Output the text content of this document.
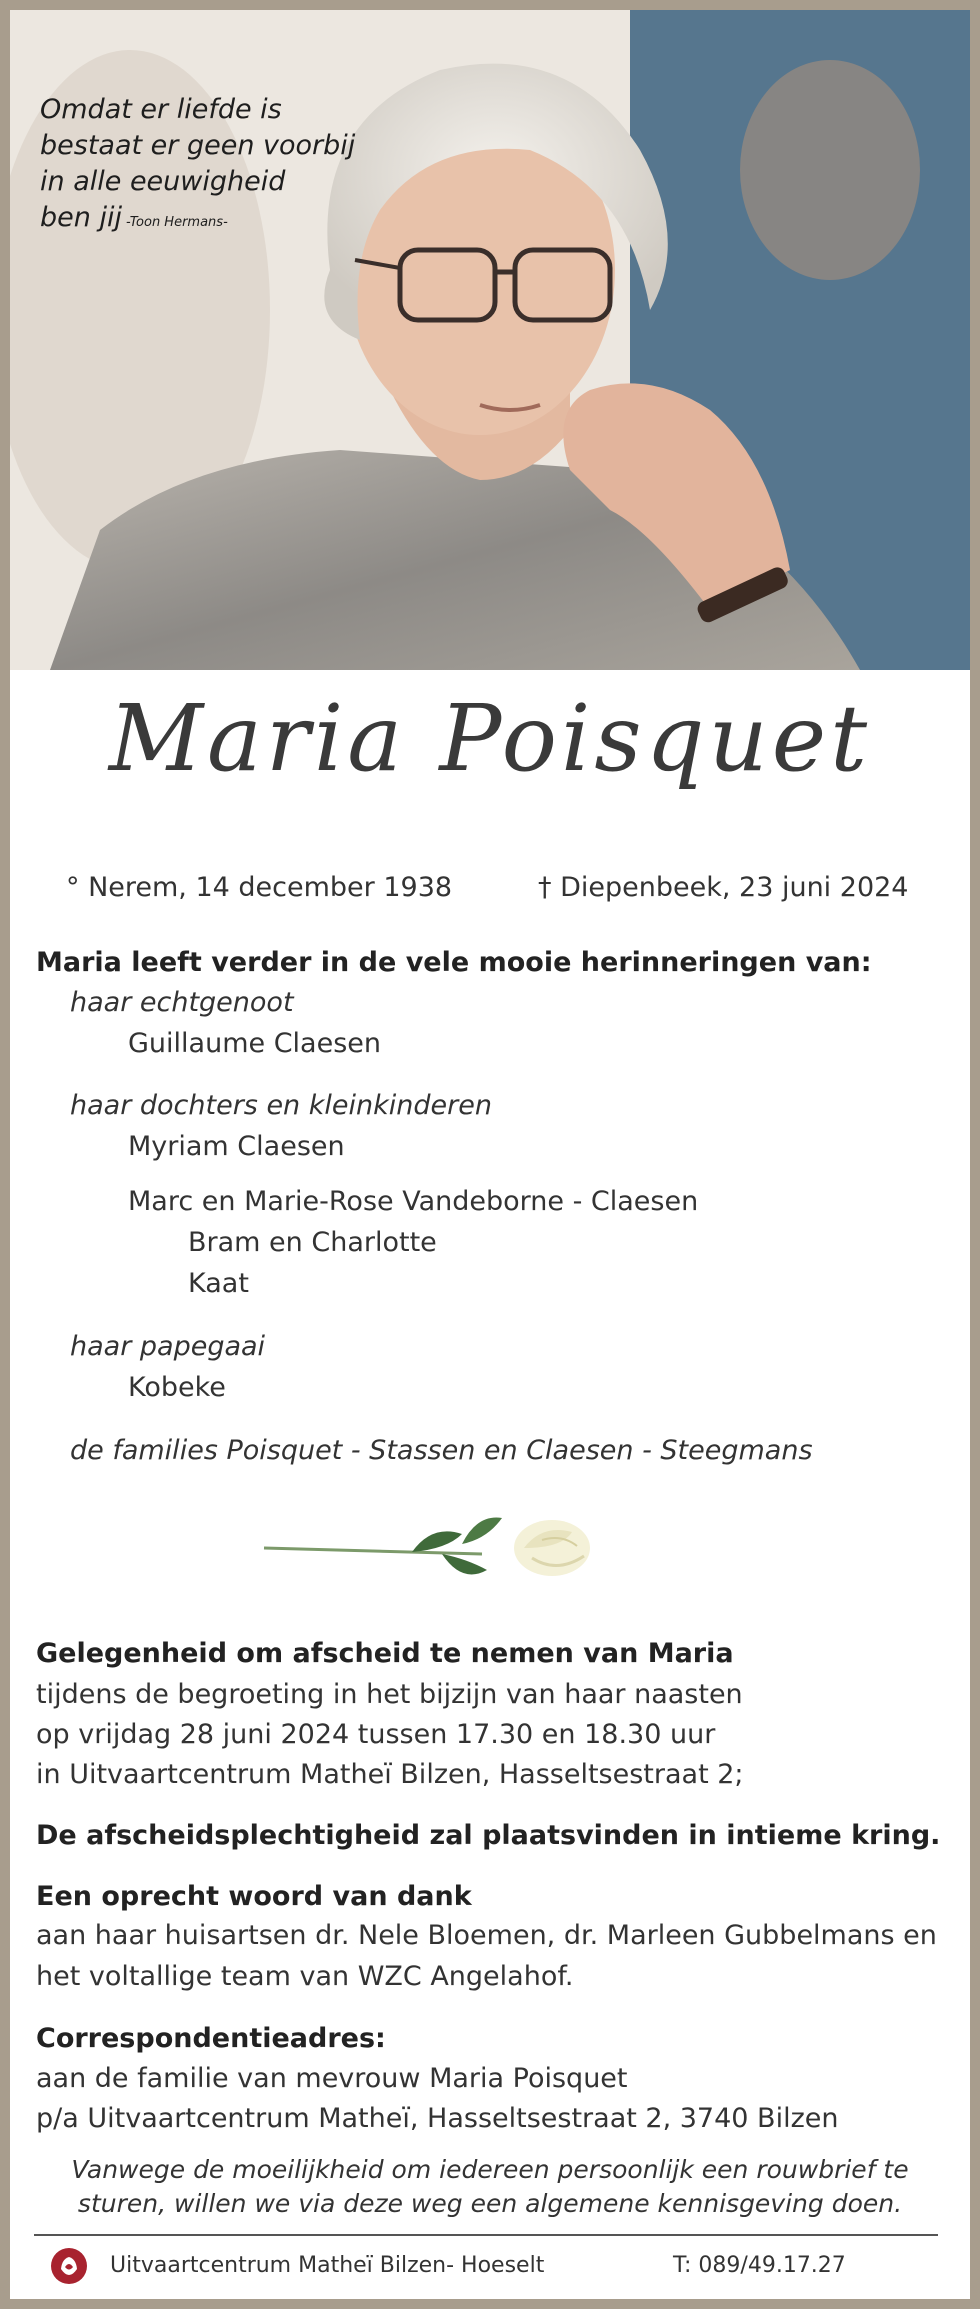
Omdat er liefde is
bestaat er geen voorbij
in alle eeuwigheid
ben jij -Toon Hermans-
Maria Poisquet
° Nerem, 14 december 1938	† Diepenbeek, 23 juni 2024
Maria leeft verder in de vele mooie herinneringen van:
haar echtgenoot
Guillaume Claesen
haar dochters en kleinkinderen
Myriam Claesen
Marc en Marie-Rose Vandeborne - Claesen
Bram en Charlotte
Kaat
haar papegaai
Kobeke
de families Poisquet - Stassen en Claesen - Steegmans
Gelegenheid om afscheid te nemen van Maria
tijdens de begroeting in het bijzijn van haar naasten
op vrijdag 28 juni 2024 tussen 17.30 en 18.30 uur
in Uitvaartcentrum Matheï Bilzen, Hasseltsestraat 2;
De afscheidsplechtigheid zal plaatsvinden in intieme kring.
Een oprecht woord van dank
aan haar huisartsen dr. Nele Bloemen, dr. Marleen Gubbelmans en
het voltallige team van WZC Angelahof.
Correspondentieadres:
aan de familie van mevrouw Maria Poisquet
p/a Uitvaartcentrum Matheï, Hasseltsestraat 2, 3740 Bilzen
Vanwege de moeilijkheid om iedereen persoonlijk een rouwbrief te
sturen, willen we via deze weg een algemene kennisgeving doen.
Uitvaartcentrum Matheï Bilzen- Hoeselt	T: 089/49.17.27
